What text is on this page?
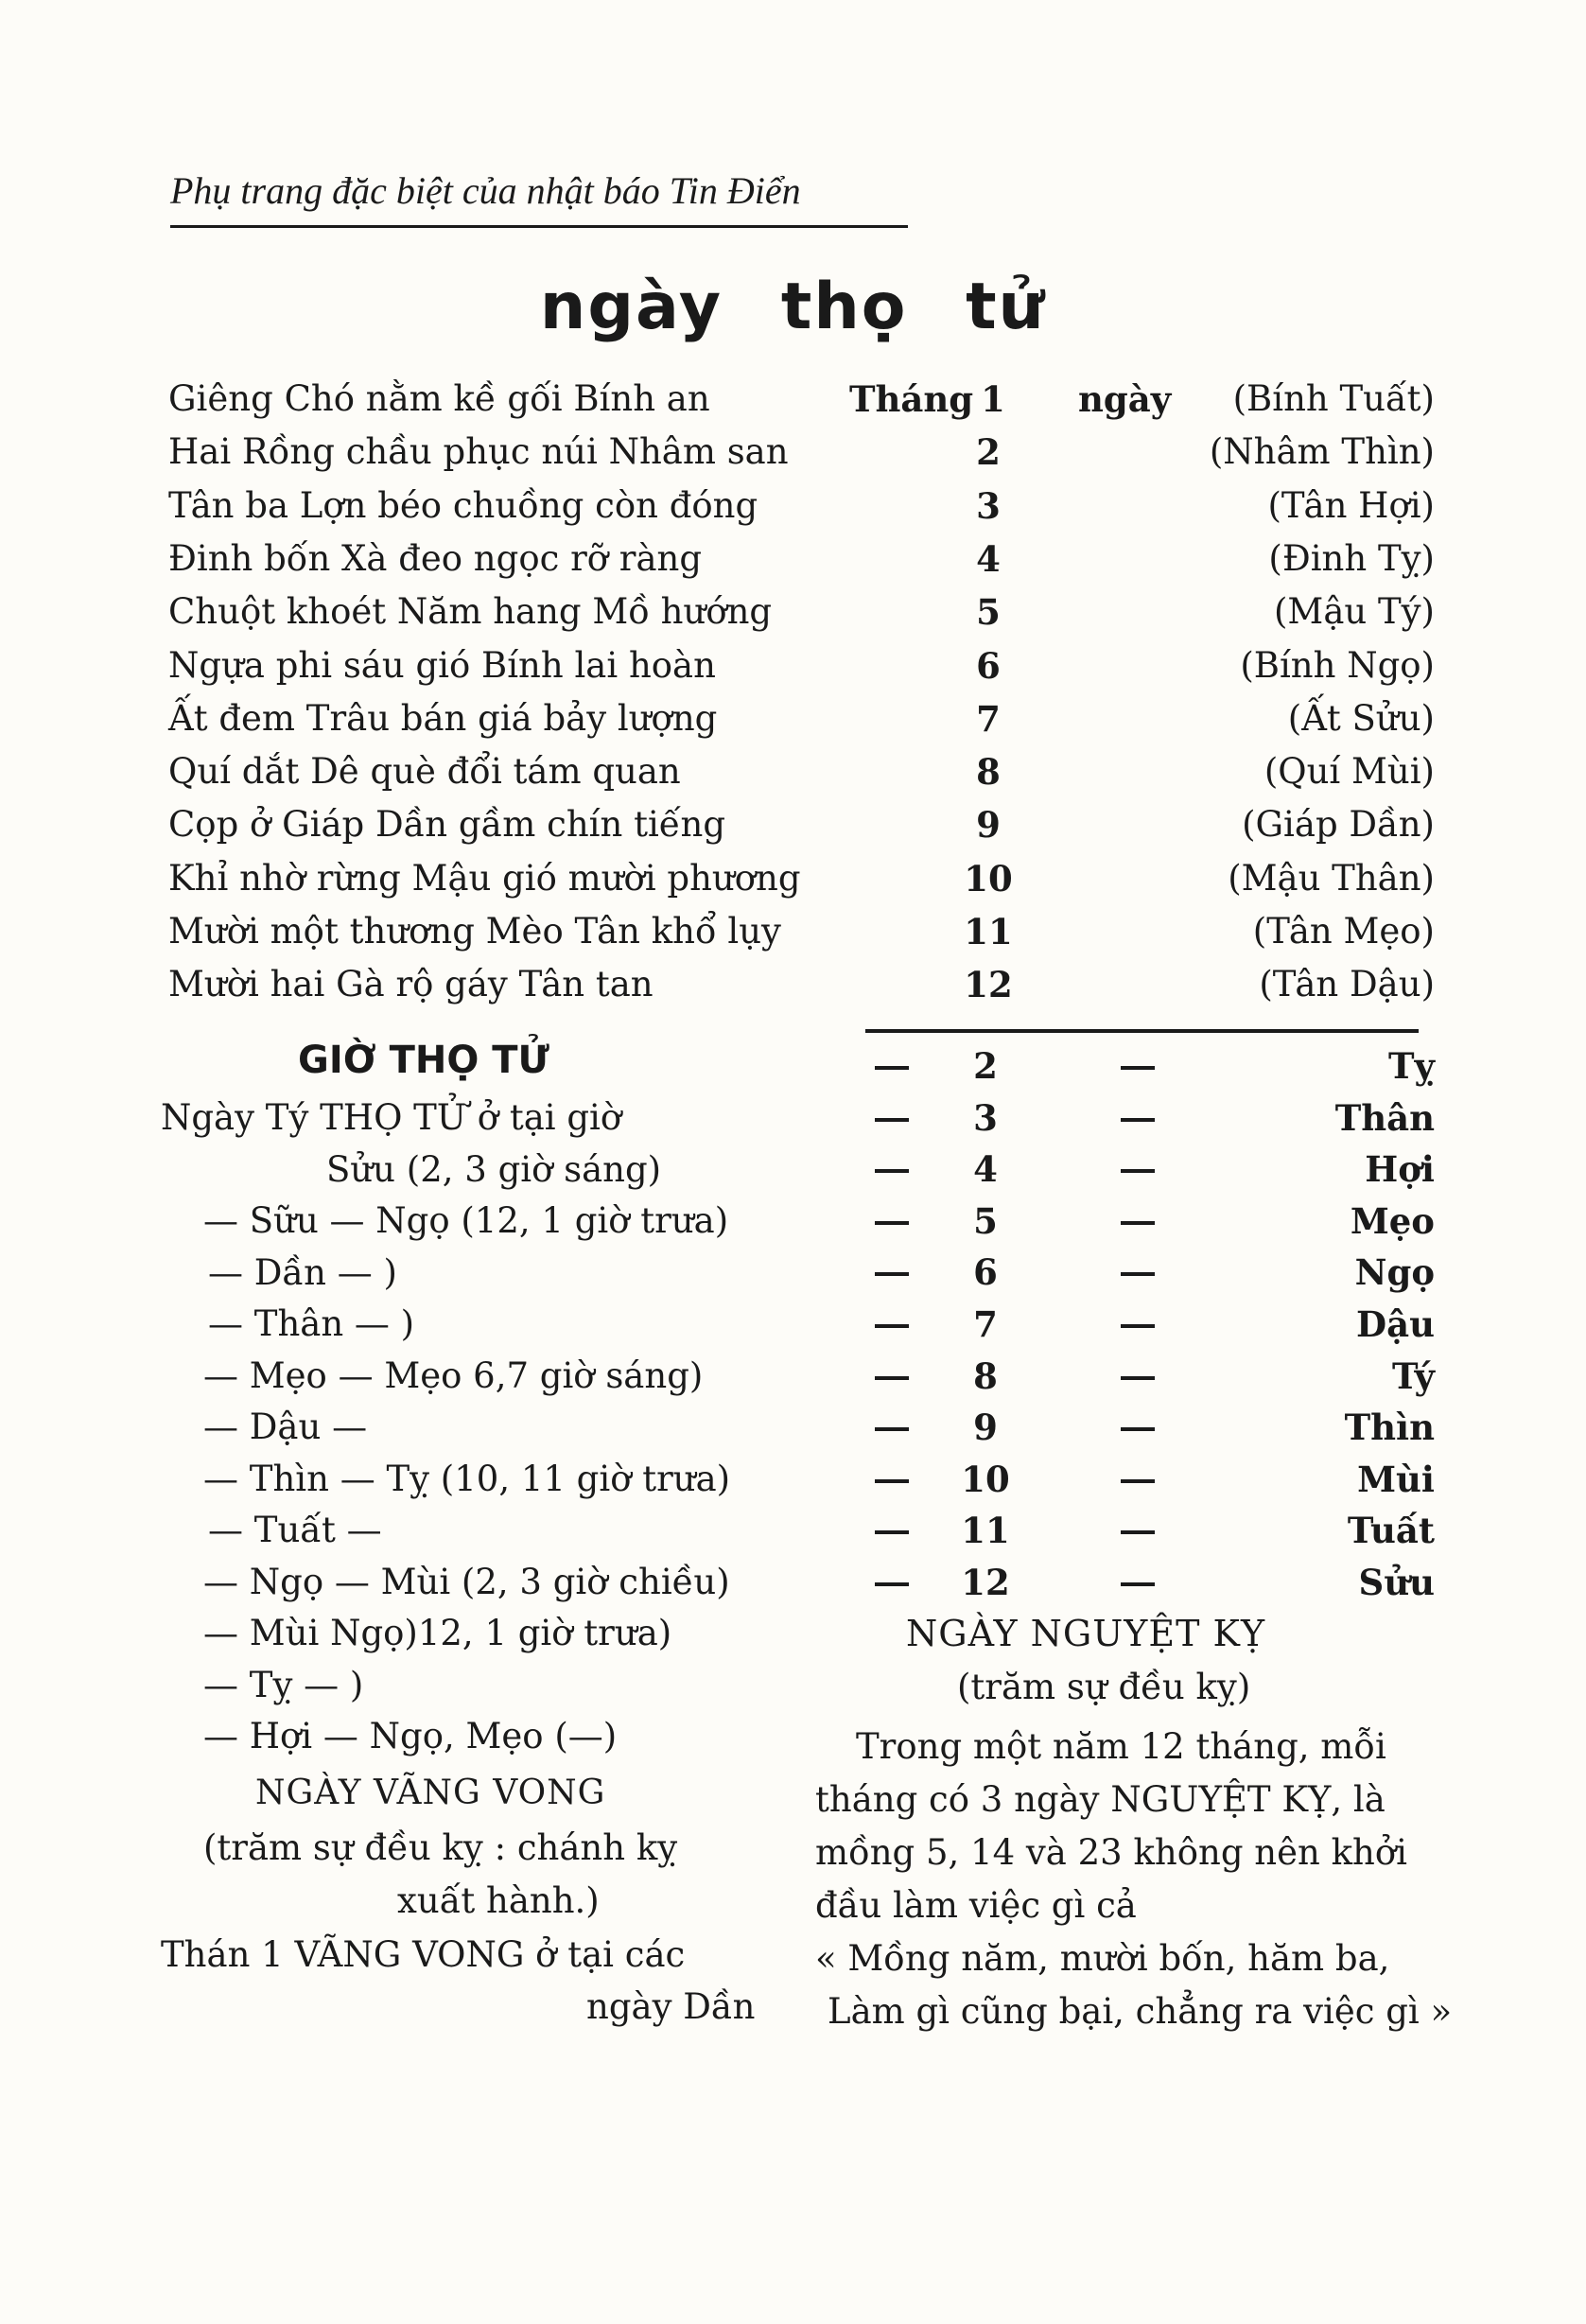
Phụ trang đặc biệt của nhật báo Tin Điển
ngày thọ tử
Giêng Chó nằm kề gối Bính an	Tháng 1	ngày (Bính Tuất)
Hai Rồng chầu phục núi Nhâm san	2	(Nhâm Thìn)
Tân ba Lợn béo chuồng còn đóng	3	(Tân Hợi)
Đinh bốn Xà đeo ngọc rỡ ràng	4	(Đinh Tỵ)
Chuột khoét Năm hang Mồ hướng	5	(Mậu Tý)
Ngựa phi sáu gió Bính lai hoàn	6	(Bính Ngọ)
Ất đem Trâu bán giá bảy lượng	7	(Ất Sửu)
Quí dắt Dê què đổi tám quan	8	(Quí Mùi)
Cọp ở Giáp Dần gầm chín tiếng	9	(Giáp Dần)
Khỉ nhờ rừng Mậu gió mười phương	10	(Mậu Thân)
Mười một thương Mèo Tân khổ lụy	11	(Tân Mẹo)
Mười hai Gà rộ gáy Tân tan	12	(Tân Dậu)
GIỜ THỌ TỬ
Ngày Tý THỌ TỬ ở tại giờ
Sửu (2, 3 giờ sáng)
— Sữu — Ngọ (12, 1 giờ trưa)
— Dần — )
— Thân — )
— Mẹo — Mẹo 6,7 giờ sáng)
— Dậu —
— Thìn — Tỵ (10, 11 giờ trưa)
— Tuất —
— Ngọ — Mùi (2, 3 giờ chiều)
— Mùi Ngọ)12, 1 giờ trưa)
— Tỵ — )
— Hợi — Ngọ, Mẹo (—)
2	Tỵ
3	Thân
4	Hợi
5	Mẹo
6	Ngọ
7	Dậu
8	Tý
9	Thìn
10	Mùi
11	Tuất
12	Sửu
NGÀY VÃNG VONG
(trăm sự đều kỵ : chánh kỵ
xuất hành.)
Thán 1 VÃNG VONG ở tại các
ngày Dần
NGÀY NGUYỆT KỴ
(trăm sự đều kỵ)
Trong một năm 12 tháng, mỗi
tháng có 3 ngày NGUYỆT KỴ, là
mồng 5, 14 và 23 không nên khởi
đầu làm việc gì cả
« Mồng năm, mười bốn, hăm ba,
Làm gì cũng bại, chẳng ra việc gì »
